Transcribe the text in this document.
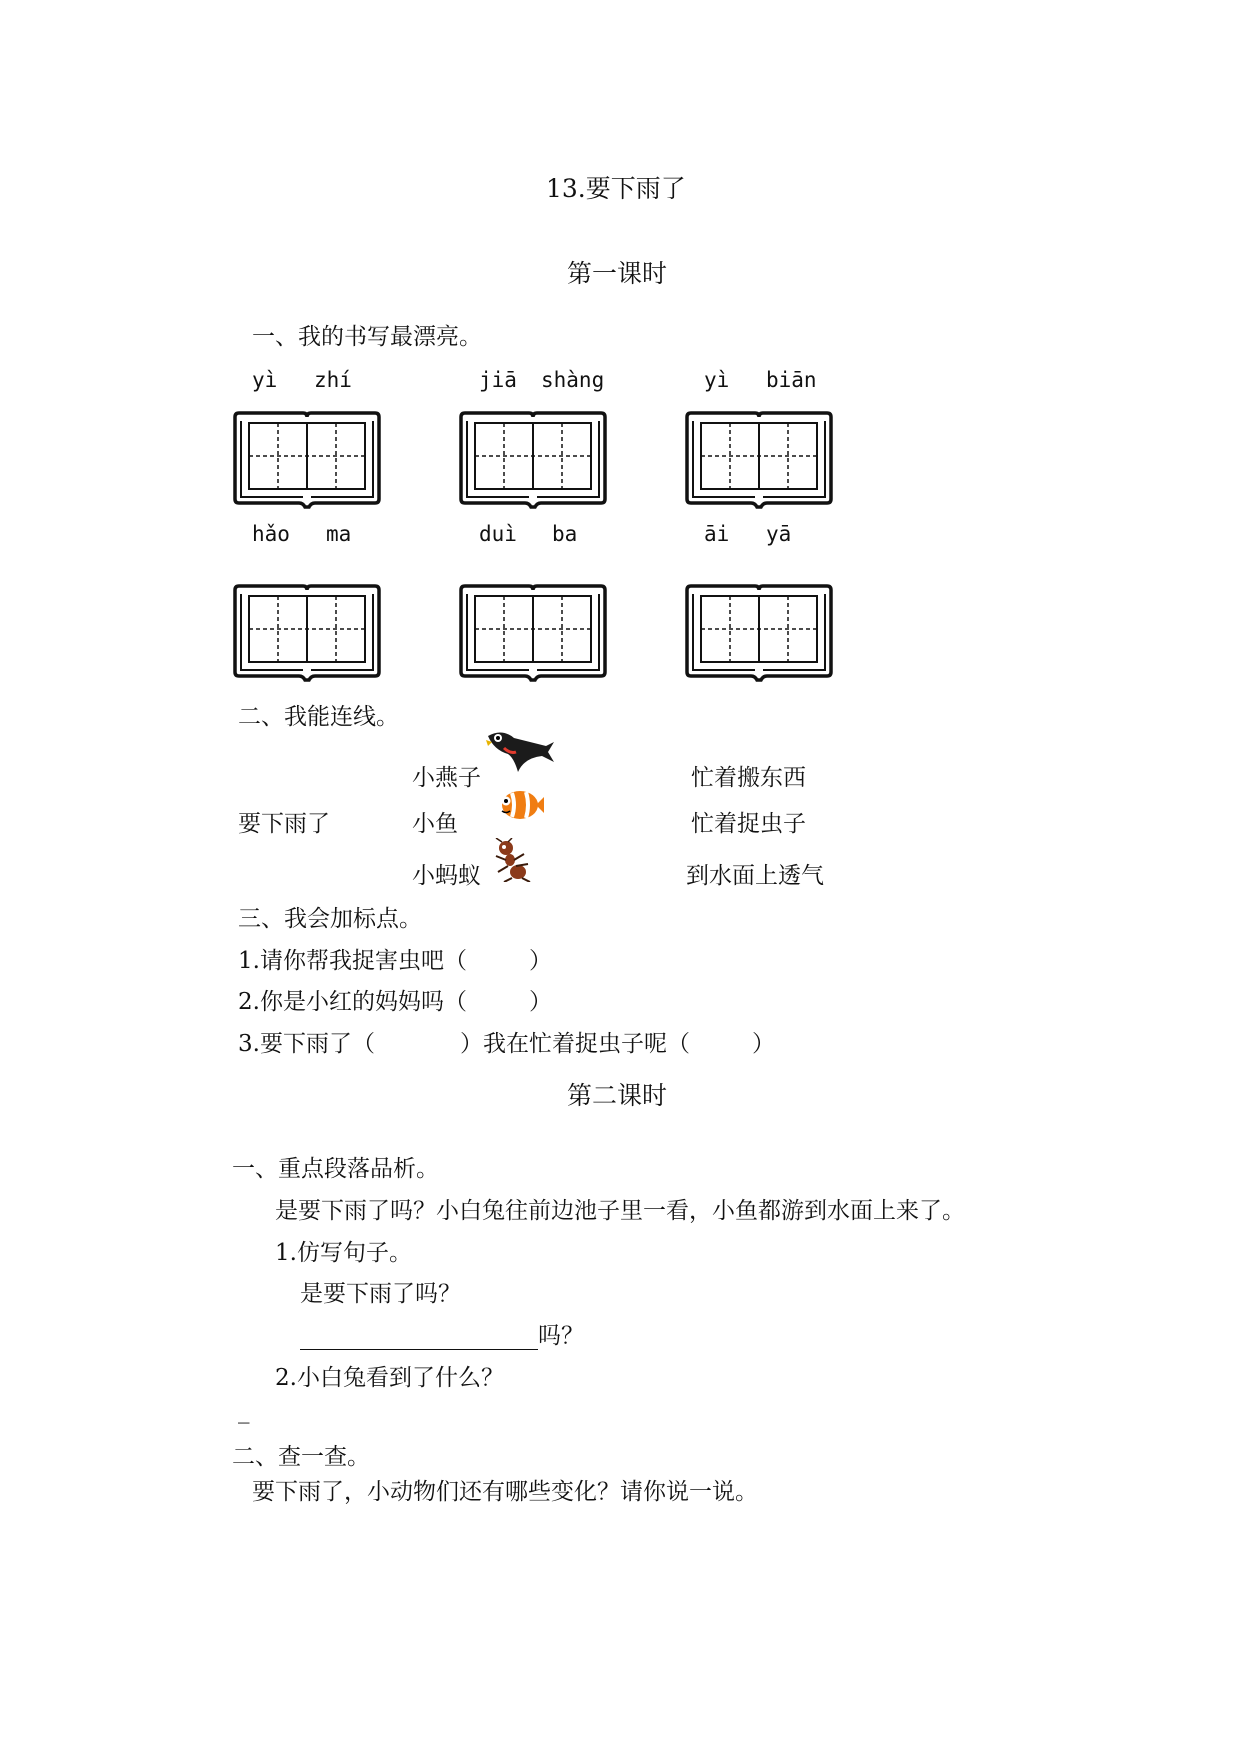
13.要下雨了
第一课时
一、我的书写最漂亮。
yì zhí	jiā shàng	yì biān
hǎo ma	duì ba	āi yā
二、我能连线。
要下雨了
小燕子
小鱼
小蚂蚁
忙着搬东西
忙着捉虫子
到水面上透气
三、我会加标点。
1.请你帮我捉害虫吧（	）
2.你是小红的妈妈吗（	）
3.要下雨了（	）我在忙着捉虫子呢（	）
第二课时
一、重点段落品析。
是要下雨了吗？小白兔往前边池子里一看，小鱼都游到水面上来了。
1.仿写句子。
是要下雨了吗？
吗？
2.小白兔看到了什么？
_
二、查一查。
要下雨了，小动物们还有哪些变化？请你说一说。
